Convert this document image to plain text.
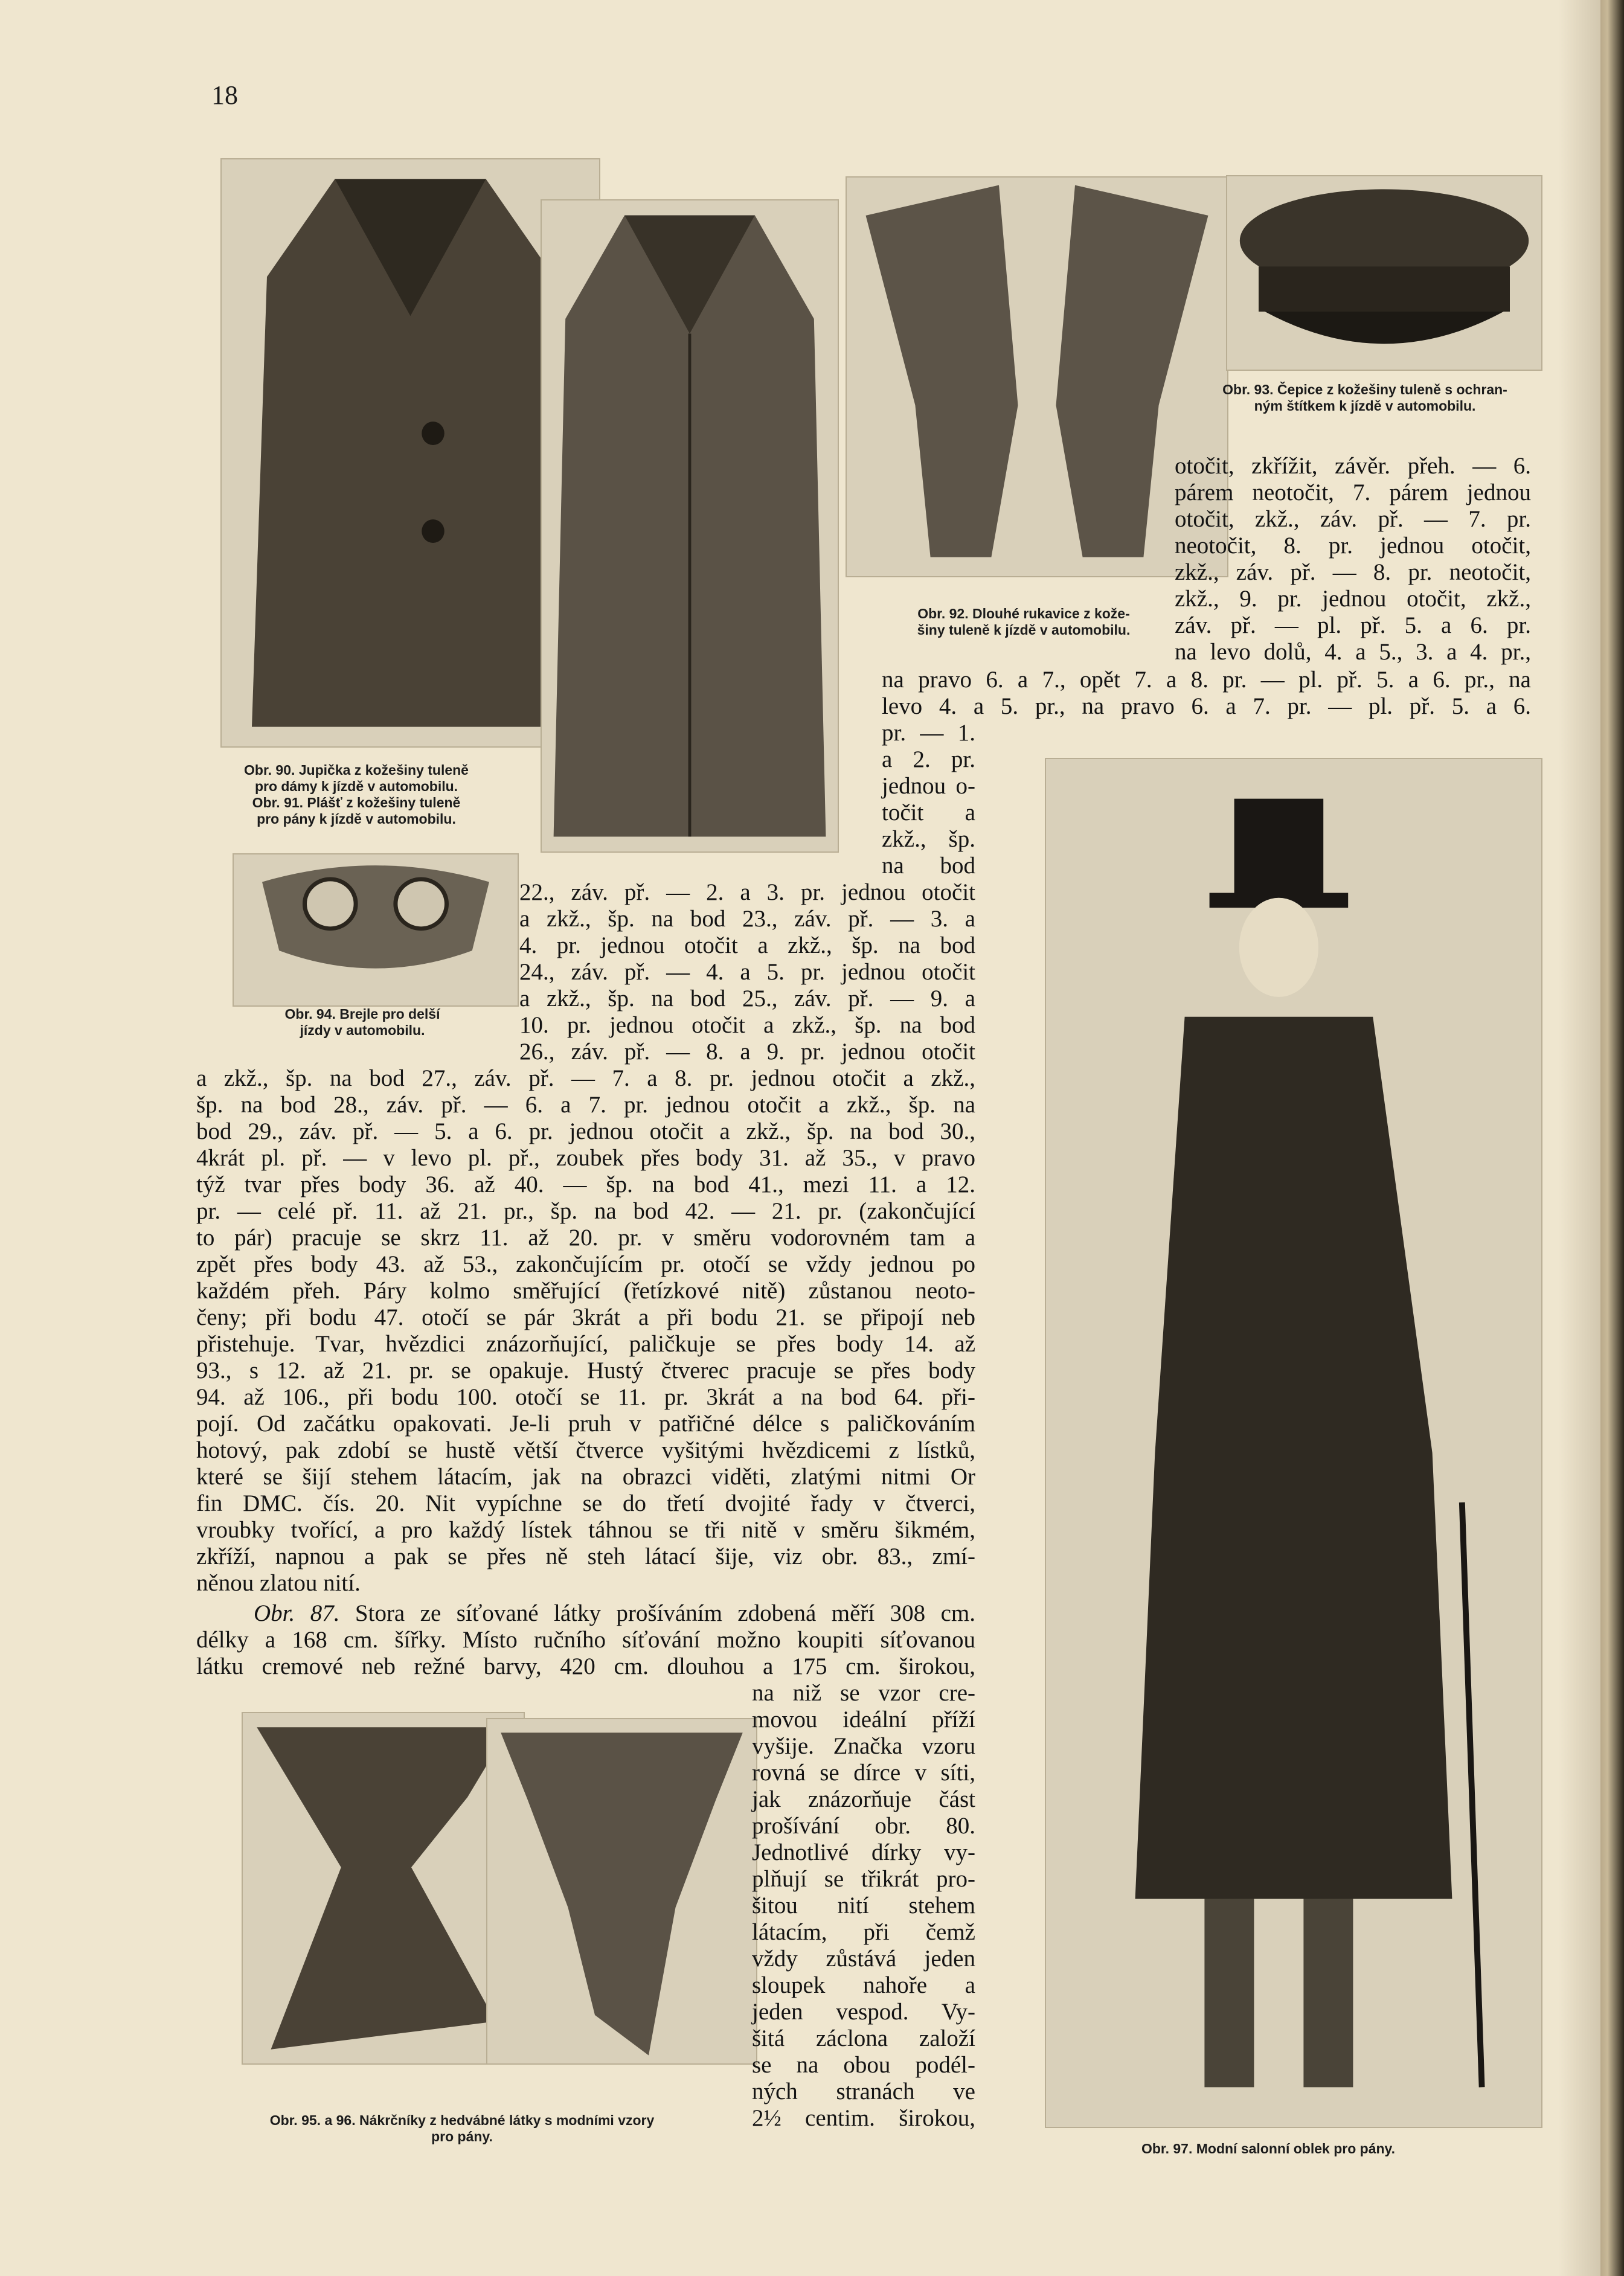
18
Obr. 90. Jupička z kožešiny tuleně
pro dámy k jízdě v automobilu.
Obr. 91. Plášť z kožešiny tuleně
pro pány k jízdě v automobilu.
Obr. 92. Dlouhé rukavice z kože-
šiny tuleně k jízdě v automobilu.
Obr. 93. Čepice z kožešiny tuleně s ochran-
ným štítkem k jízdě v automobilu.
Obr. 94. Brejle pro delší
jízdy v automobilu.
Obr. 95. a 96. Nákrčníky z hedvábné látky s modními vzory
pro pány.
Obr. 97. Modní salonní oblek pro pány.
otočit, zkřížit, závěr. přeh. — 6.
párem neotočit, 7. párem jednou
otočit, zkž., záv. př. — 7. pr.
neotočit, 8. pr. jednou otočit,
zkž., záv. př. — 8. pr. neotočit,
zkž., 9. pr. jednou otočit, zkž.,
záv. př. — pl. př. 5. a 6. pr.
na levo dolů, 4. a 5., 3. a 4. pr.,
na pravo 6. a 7., opět 7. a 8. pr. — pl. př. 5. a 6. pr., na
levo 4. a 5. pr., na pravo 6. a 7. pr. — pl. př. 5. a 6.
pr. — 1.
a 2. pr.
jednou o-
točit a
zkž., šp.
na bod
22., záv. př. — 2. a 3. pr. jednou otočit
a zkž., šp. na bod 23., záv. př. — 3. a
4. pr. jednou otočit a zkž., šp. na bod
24., záv. př. — 4. a 5. pr. jednou otočit
a zkž., šp. na bod 25., záv. př. — 9. a
10. pr. jednou otočit a zkž., šp. na bod
26., záv. př. — 8. a 9. pr. jednou otočit
a zkž., šp. na bod 27., záv. př. — 7. a 8. pr. jednou otočit a zkž.,
šp. na bod 28., záv. př. — 6. a 7. pr. jednou otočit a zkž., šp. na
bod 29., záv. př. — 5. a 6. pr. jednou otočit a zkž., šp. na bod 30.,
4krát pl. př. — v levo pl. př., zoubek přes body 31. až 35., v pravo
týž tvar přes body 36. až 40. — šp. na bod 41., mezi 11. a 12.
pr. — celé př. 11. až 21. pr., šp. na bod 42. — 21. pr. (zakončující
to pár) pracuje se skrz 11. až 20. pr. v směru vodorovném tam a
zpět přes body 43. až 53., zakončujícím pr. otočí se vždy jednou po
každém přeh. Páry kolmo směřující (řetízkové nitě) zůstanou neoto-
čeny; při bodu 47. otočí se pár 3krát a při bodu 21. se připojí neb
přistehuje. Tvar, hvězdici znázorňující, paličkuje se přes body 14. až
93., s 12. až 21. pr. se opakuje. Hustý čtverec pracuje se přes body
94. až 106., při bodu 100. otočí se 11. pr. 3krát a na bod 64. při-
pojí. Od začátku opakovati. Je-li pruh v patřičné délce s paličkováním
hotový, pak zdobí se hustě větší čtverce vyšitými hvězdicemi z lístků,
které se šijí stehem látacím, jak na obrazci viděti, zlatými nitmi Or
fin DMC. čís. 20. Nit vypíchne se do třetí dvojité řady v čtverci,
vroubky tvořící, a pro každý lístek táhnou se tři nitě v směru šikmém,
zkříží, napnou a pak se přes ně steh látací šije, viz obr. 83., zmí-
něnou zlatou nití.
Obr. 87. Stora ze síťované látky prošíváním zdobená měří 308 cm.
délky a 168 cm. šířky. Místo ručního síťování možno koupiti síťovanou
látku cremové neb režné barvy, 420 cm. dlouhou a 175 cm. širokou,
na niž se vzor cre-
movou ideální příží
vyšije. Značka vzoru
rovná se dírce v síti,
jak znázorňuje část
prošívání obr. 80.
Jednotlivé dírky vy-
plňují se třikrát pro-
šitou nití stehem
látacím, při čemž
vždy zůstává jeden
sloupek nahoře a
jeden vespod. Vy-
šitá záclona založí
se na obou podél-
ných stranách ve
2½ centim. širokou,
